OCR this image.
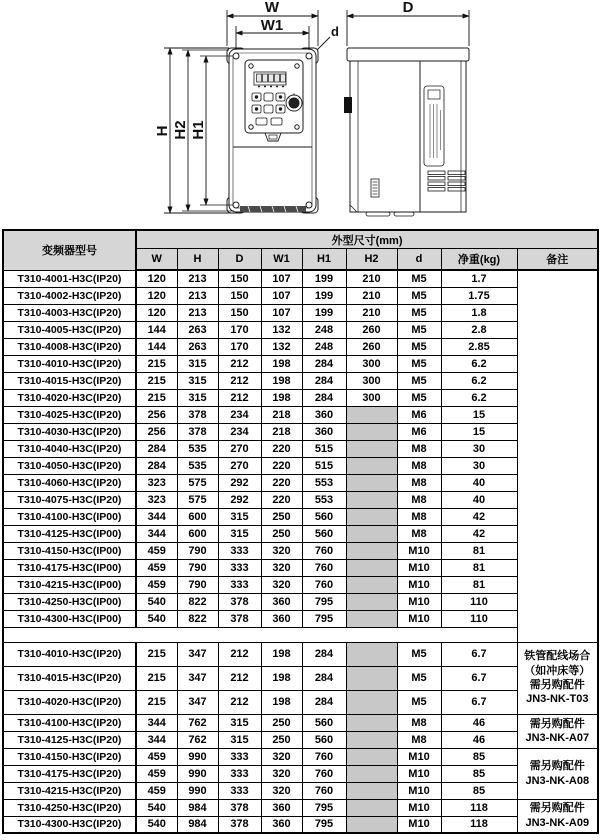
W
W1	d
H H2 H1
D
变频器型号	外型尺寸(mm)								
	W	H	D	W1	H1	H2	d	净重(kg)	备注
T310-4001-H3C(IP20)	120	213	150	107	199	210	M5	1.7	
T310-4002-H3C(IP20)	120	213	150	107	199	210	M5	1.75	
T310-4003-H3C(IP20)	120	213	150	107	199	210	M5	1.8	
T310-4005-H3C(IP20)	144	263	170	132	248	260	M5	2.8	
T310-4008-H3C(IP20)	144	263	170	132	248	260	M5	2.85	
T310-4010-H3C(IP20)	215	315	212	198	284	300	M5	6.2	
T310-4015-H3C(IP20)	215	315	212	198	284	300	M5	6.2	
T310-4020-H3C(IP20)	215	315	212	198	284	300	M5	6.2	
T310-4025-H3C(IP20)	256	378	234	218	360		M6	15	
T310-4030-H3C(IP20)	256	378	234	218	360		M6	15	
T310-4040-H3C(IP20)	284	535	270	220	515		M8	30	
T310-4050-H3C(IP20)	284	535	270	220	515		M8	30	
T310-4060-H3C(IP20)	323	575	292	220	553		M8	40	
T310-4075-H3C(IP20)	323	575	292	220	553		M8	40	
T310-4100-H3C(IP00)	344	600	315	250	560		M8	42	
T310-4125-H3C(IP00)	344	600	315	250	560		M8	42	
T310-4150-H3C(IP00)	459	790	333	320	760		M10	81	
T310-4175-H3C(IP00)	459	790	333	320	760		M10	81	
T310-4215-H3C(IP00)	459	790	333	320	760		M10	81	
T310-4250-H3C(IP00)	540	822	378	360	795		M10	110	
T310-4300-H3C(IP00)	540	822	378	360	795		M10	110	

T310-4010-H3C(IP20)	215	347	212	198	284		M5	6.7	铁管配线场合
（如冲床等）
需另购配件
JN3-NK-T03

T310-4015-H3C(IP20)	215	347	212	198	284		M5	6.7	
T310-4020-H3C(IP20)	215	347	212	198	284		M5	6.7	
T310-4100-H3C(IP20)	344	762	315	250	560		M8	46	需另购配件
JN3-NK-A07

T310-4125-H3C(IP20)	344	762	315	250	560		M8	46	
T310-4150-H3C(IP20)	459	990	333	320	760		M10	85	需另购配件
JN3-NK-A08

T310-4175-H3C(IP20)	459	990	333	320	760		M10	85	
T310-4215-H3C(IP20)	459	990	333	320	760		M10	85	
T310-4250-H3C(IP20)	540	984	378	360	795		M10	118	需另购配件
JN3-NK-A09

T310-4300-H3C(IP20)	540	984	378	360	795		M10	118	
